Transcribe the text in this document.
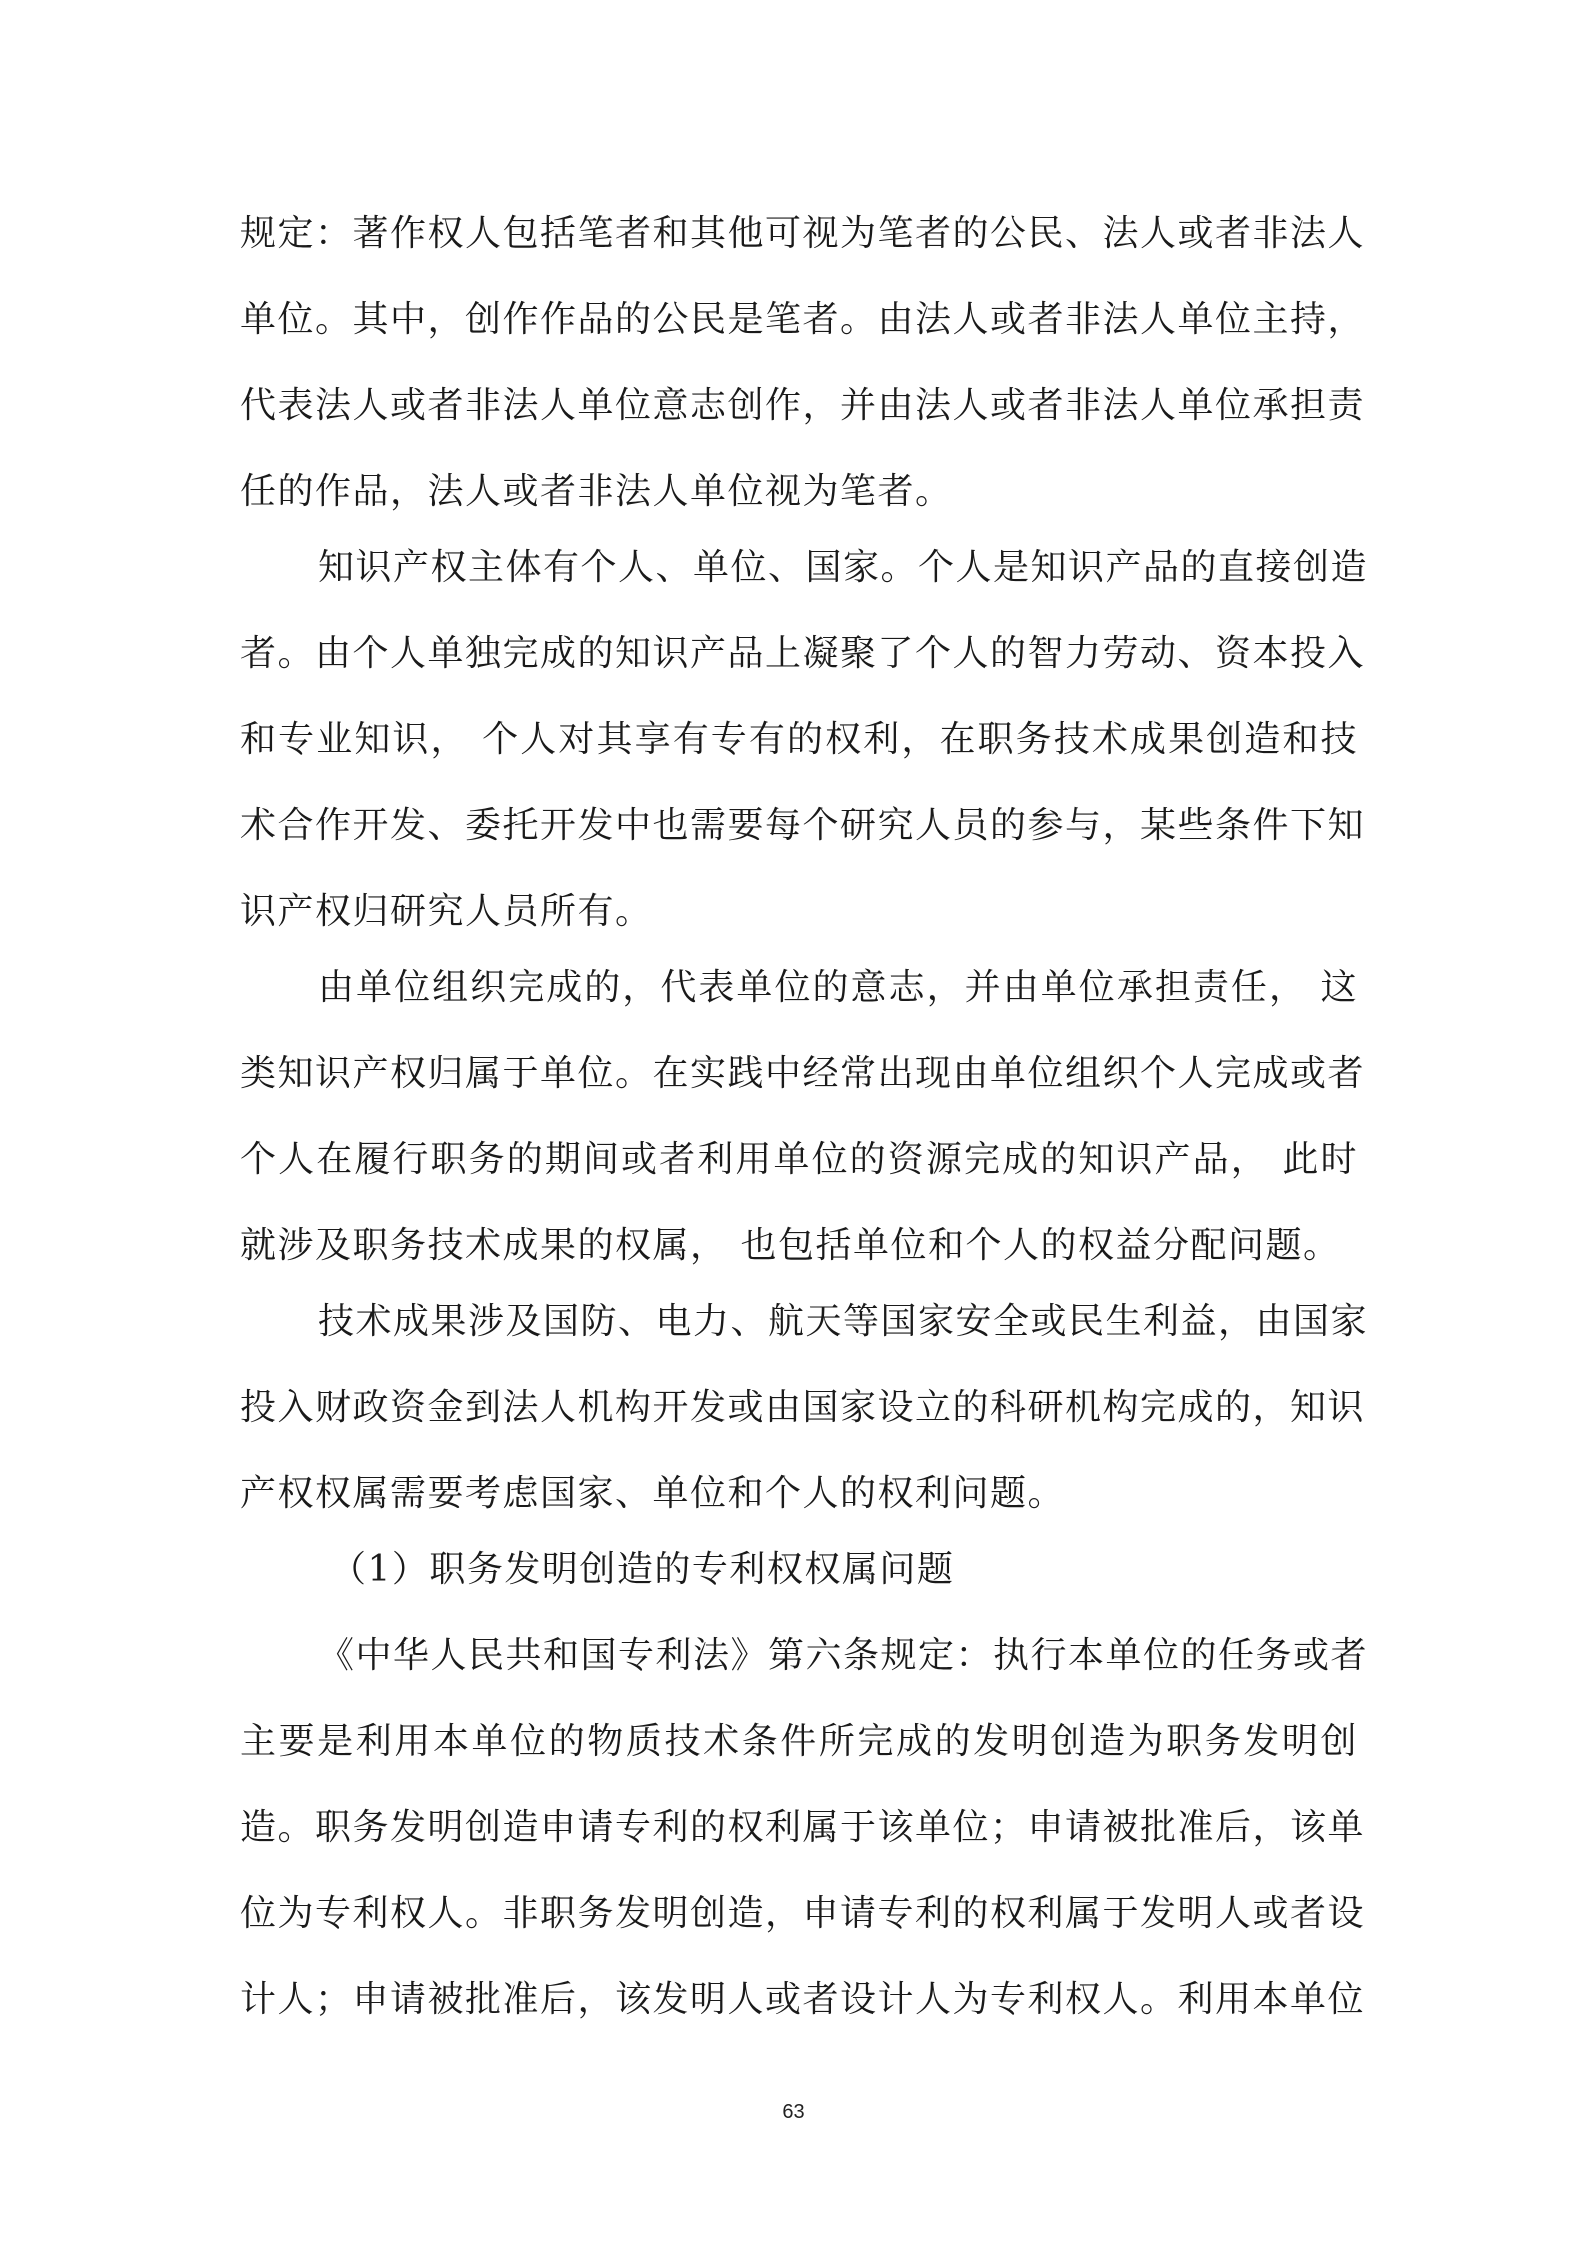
规定：著作权人包括笔者和其他可视为笔者的公民、法人或者非法人
单位。其中，创作作品的公民是笔者。由法人或者非法人单位主持，
代表法人或者非法人单位意志创作，并由法人或者非法人单位承担责
任的作品，法人或者非法人单位视为笔者。
知识产权主体有个人、单位、国家。个人是知识产品的直接创造
者。由个人单独完成的知识产品上凝聚了个人的智力劳动、资本投入
和专业知识， 个人对其享有专有的权利，在职务技术成果创造和技
术合作开发、委托开发中也需要每个研究人员的参与，某些条件下知
识产权归研究人员所有。
由单位组织完成的，代表单位的意志，并由单位承担责任， 这
类知识产权归属于单位。在实践中经常出现由单位组织个人完成或者
个人在履行职务的期间或者利用单位的资源完成的知识产品， 此时
就涉及职务技术成果的权属， 也包括单位和个人的权益分配问题。
技术成果涉及国防、电力、航天等国家安全或民生利益，由国家
投入财政资金到法人机构开发或由国家设立的科研机构完成的，知识
产权权属需要考虑国家、单位和个人的权利问题。
（1）职务发明创造的专利权权属问题
《中华人民共和国专利法》第六条规定：执行本单位的任务或者
主要是利用本单位的物质技术条件所完成的发明创造为职务发明创
造。职务发明创造申请专利的权利属于该单位；申请被批准后，该单
位为专利权人。非职务发明创造，申请专利的权利属于发明人或者设
计人；申请被批准后，该发明人或者设计人为专利权人。利用本单位
63
